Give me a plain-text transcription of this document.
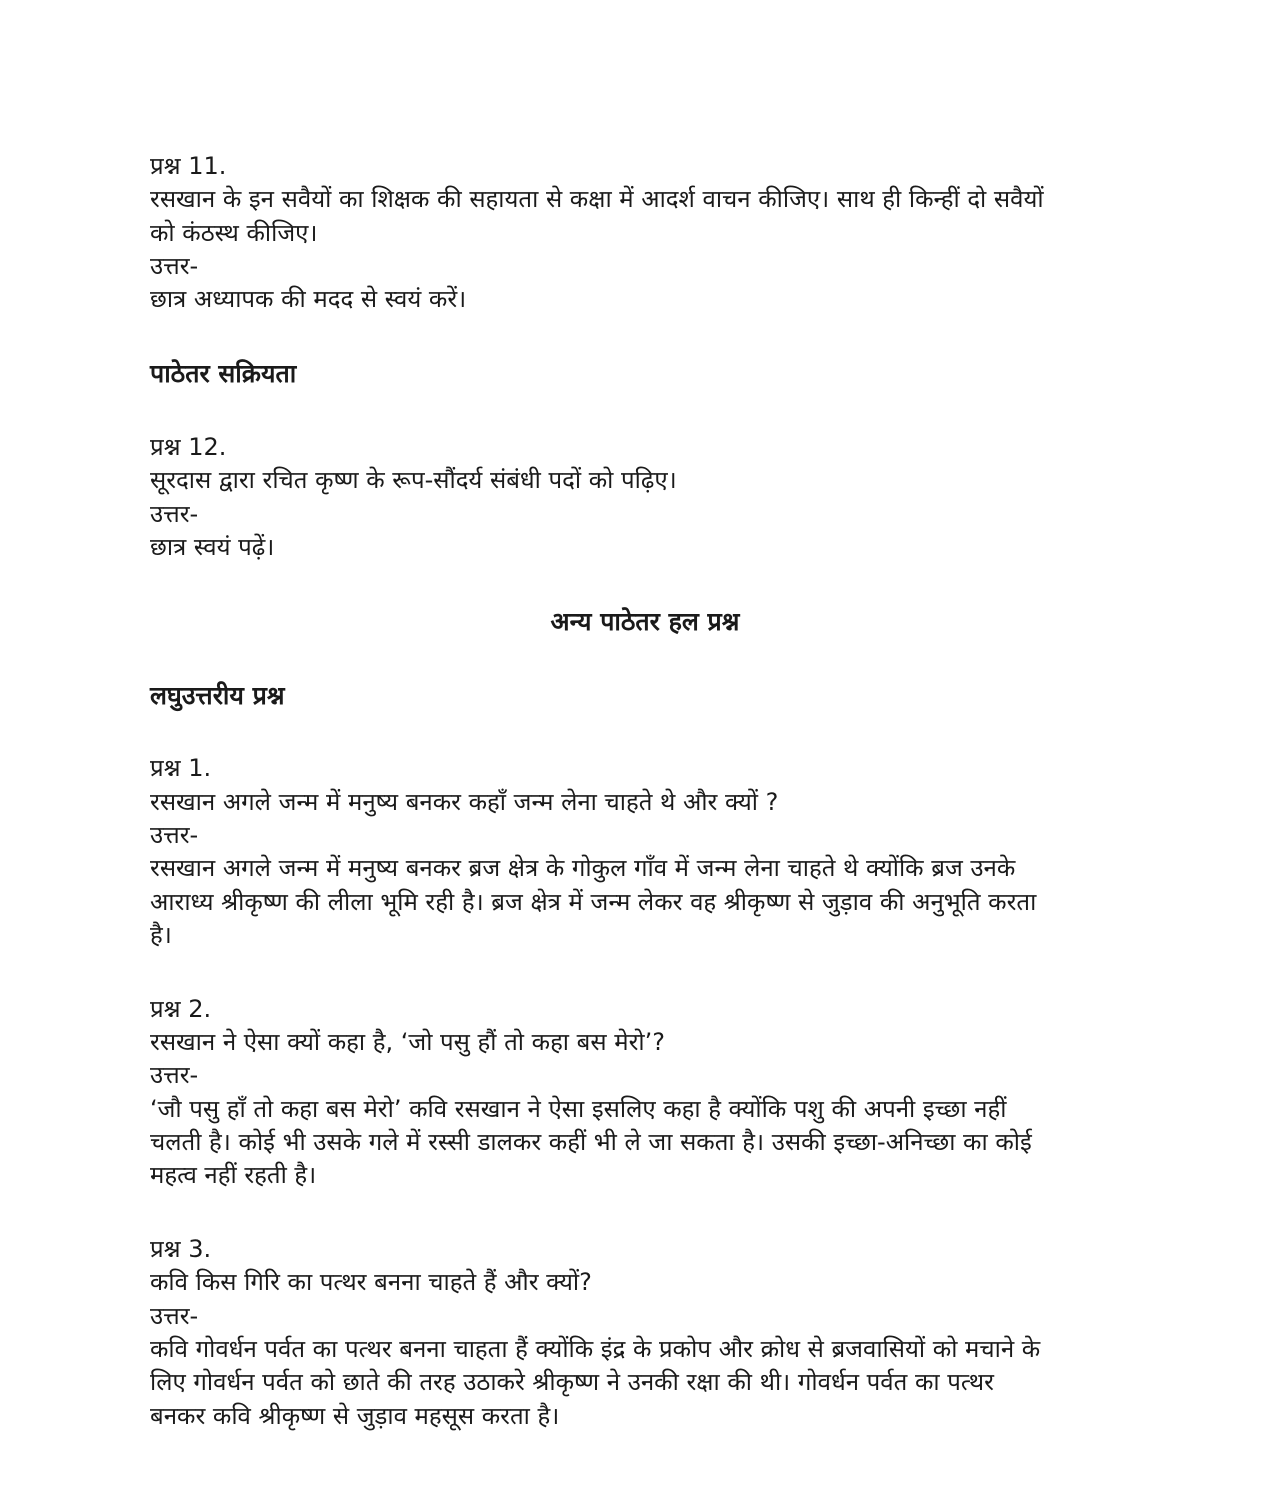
प्रश्न 11.
रसखान के इन सवैयों का शिक्षक की सहायता से कक्षा में आदर्श वाचन कीजिए। साथ ही किन्हीं दो सवैयों
को कंठस्थ कीजिए।
उत्तर-
छात्र अध्यापक की मदद से स्वयं करें।
पाठेतर सक्रियता
प्रश्न 12.
सूरदास द्वारा रचित कृष्ण के रूप-सौंदर्य संबंधी पदों को पढ़िए।
उत्तर-
छात्र स्वयं पढ़ें।
अन्य पाठेतर हल प्रश्न
लघुउत्तरीय प्रश्न
प्रश्न 1.
रसखान अगले जन्म में मनुष्य बनकर कहाँ जन्म लेना चाहते थे और क्यों ?
उत्तर-
रसखान अगले जन्म में मनुष्य बनकर ब्रज क्षेत्र के गोकुल गाँव में जन्म लेना चाहते थे क्योंकि ब्रज उनके
आराध्य श्रीकृष्ण की लीला भूमि रही है। ब्रज क्षेत्र में जन्म लेकर वह श्रीकृष्ण से जुड़ाव की अनुभूति करता
है।
प्रश्न 2.
रसखान ने ऐसा क्यों कहा है, ‘जो पसु हौं तो कहा बस मेरो’?
उत्तर-
‘जौ पसु हाँ तो कहा बस मेरो’ कवि रसखान ने ऐसा इसलिए कहा है क्योंकि पशु की अपनी इच्छा नहीं
चलती है। कोई भी उसके गले में रस्सी डालकर कहीं भी ले जा सकता है। उसकी इच्छा-अनिच्छा का कोई
महत्व नहीं रहती है।
प्रश्न 3.
कवि किस गिरि का पत्थर बनना चाहते हैं और क्यों?
उत्तर-
कवि गोवर्धन पर्वत का पत्थर बनना चाहता हैं क्योंकि इंद्र के प्रकोप और क्रोध से ब्रजवासियों को मचाने के
लिए गोवर्धन पर्वत को छाते की तरह उठाकरे श्रीकृष्ण ने उनकी रक्षा की थी। गोवर्धन पर्वत का पत्थर
बनकर कवि श्रीकृष्ण से जुड़ाव महसूस करता है।
